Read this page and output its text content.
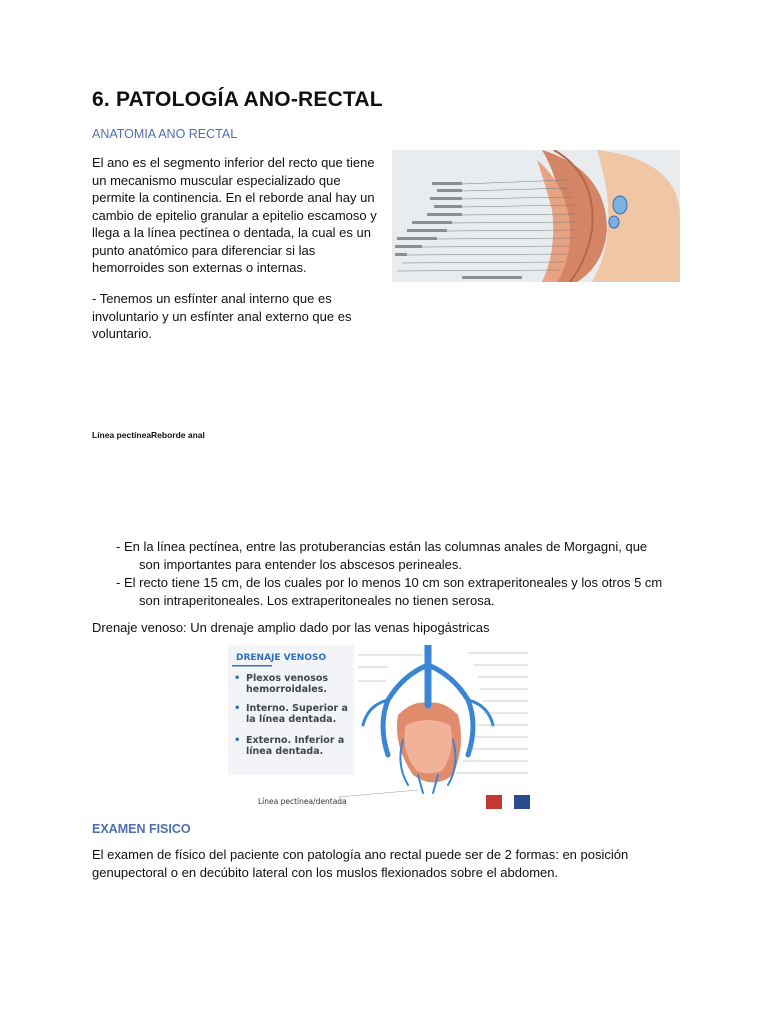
6. PATOLOGÍA ANO-RECTAL
ANATOMIA ANO RECTAL
El ano es el segmento inferior del recto que tiene un mecanismo muscular especializado que permite la continencia. En el reborde anal hay un cambio de epitelio granular a epitelio escamoso y llega a la línea pectínea o dentada, la cual es un punto anatómico para diferenciar si las hemorroides son externas o internas.
- Tenemos un esfínter anal interno que es involuntario y un esfínter anal externo que es voluntario.
Línea pectíneaReborde anal

- En la línea pectínea, entre las protuberancias están las columnas anales de Morgagni, que
son importantes para entender los abscesos perineales.

- El recto tiene 15 cm, de los cuales por lo menos 10 cm son extraperitoneales y los otros 5 cm
son intraperitoneales. Los extraperitoneales no tienen serosa.

Drenaje venoso: Un drenaje amplio dado por las venas hipogástricas
DRENAJE VENOSO
• Plexos venosos hemorroidales.
• Interno. Superior a la línea dentada.
• Externo. Inferior a línea dentada.
Línea pectínea/dentada
EXAMEN FISICO
El examen de físico del paciente con patología ano rectal puede ser de 2 formas: en posición genupectoral o en decúbito lateral con los muslos flexionados sobre el abdomen.
